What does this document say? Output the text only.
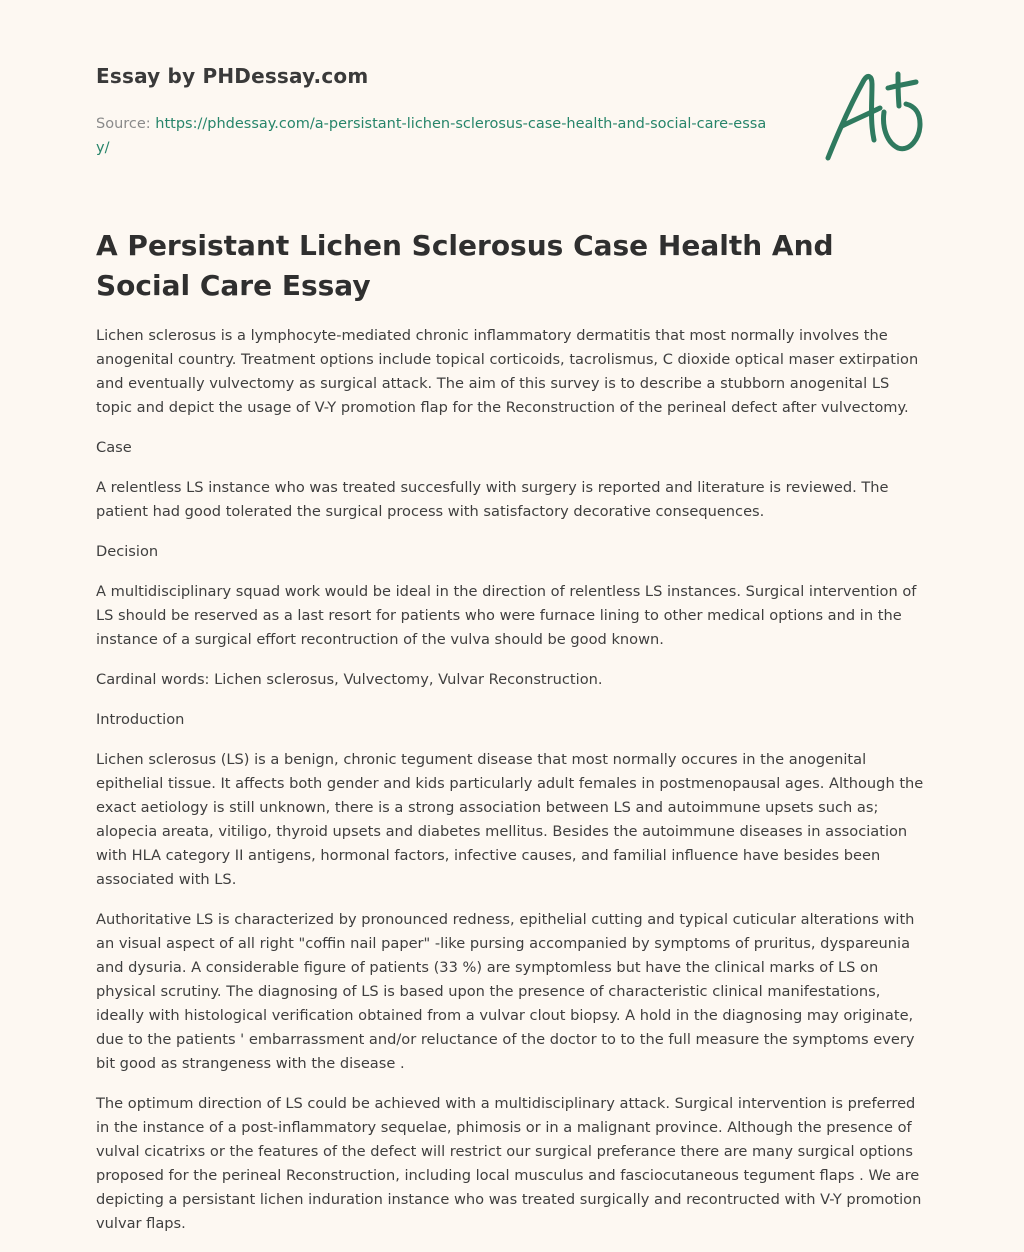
Essay by PHDessay.com
Source: https://phdessay.com/a-persistant-lichen-sclerosus-case-health-and-social-care-essay/
A Persistant Lichen Sclerosus Case Health And Social Care Essay

Lichen sclerosus is a lymphocyte-mediated chronic inflammatory dermatitis that most normally involves the anogenital country. Treatment options include topical corticoids, tacrolismus, C dioxide optical maser extirpation and eventually vulvectomy as surgical attack. The aim of this survey is to describe a stubborn anogenital LS topic and depict the usage of V-Y promotion flap for the Reconstruction of the perineal defect after vulvectomy.

Case

A relentless LS instance who was treated succesfully with surgery is reported and literature is reviewed. The patient had good tolerated the surgical process with satisfactory decorative consequences.

Decision

A multidisciplinary squad work would be ideal in the direction of relentless LS instances. Surgical intervention of LS should be reserved as a last resort for patients who were furnace lining to other medical options and in the instance of a surgical effort recontruction of the vulva should be good known.

Cardinal words: Lichen sclerosus, Vulvectomy, Vulvar Reconstruction.

Introduction

Lichen sclerosus (LS) is a benign, chronic tegument disease that most normally occures in the anogenital epithelial tissue. It affects both gender and kids particularly adult females in postmenopausal ages. Although the exact aetiology is still unknown, there is a strong association between LS and autoimmune upsets such as; alopecia areata, vitiligo, thyroid upsets and diabetes mellitus. Besides the autoimmune diseases in association with HLA category II antigens, hormonal factors, infective causes, and familial influence have besides been associated with LS.

Authoritative LS is characterized by pronounced redness, epithelial cutting and typical cuticular alterations with an visual aspect of all right "coffin nail paper" -like pursing accompanied by symptoms of pruritus, dyspareunia and dysuria. A considerable figure of patients (33 %) are symptomless but have the clinical marks of LS on physical scrutiny. The diagnosing of LS is based upon the presence of characteristic clinical manifestations, ideally with histological verification obtained from a vulvar clout biopsy. A hold in the diagnosing may originate, due to the patients ' embarrassment and/or reluctance of the doctor to to the full measure the symptoms every bit good as strangeness with the disease .

The optimum direction of LS could be achieved with a multidisciplinary attack. Surgical intervention is preferred in the instance of a post-inflammatory sequelae, phimosis or in a malignant province. Although the presence of vulval cicatrixs or the features of the defect will restrict our surgical preferance there are many surgical options proposed for the perineal Reconstruction, including local musculus and fasciocutaneous tegument flaps . We are depicting a persistant lichen induration instance who was treated surgically and recontructed with V-Y promotion vulvar flaps.
